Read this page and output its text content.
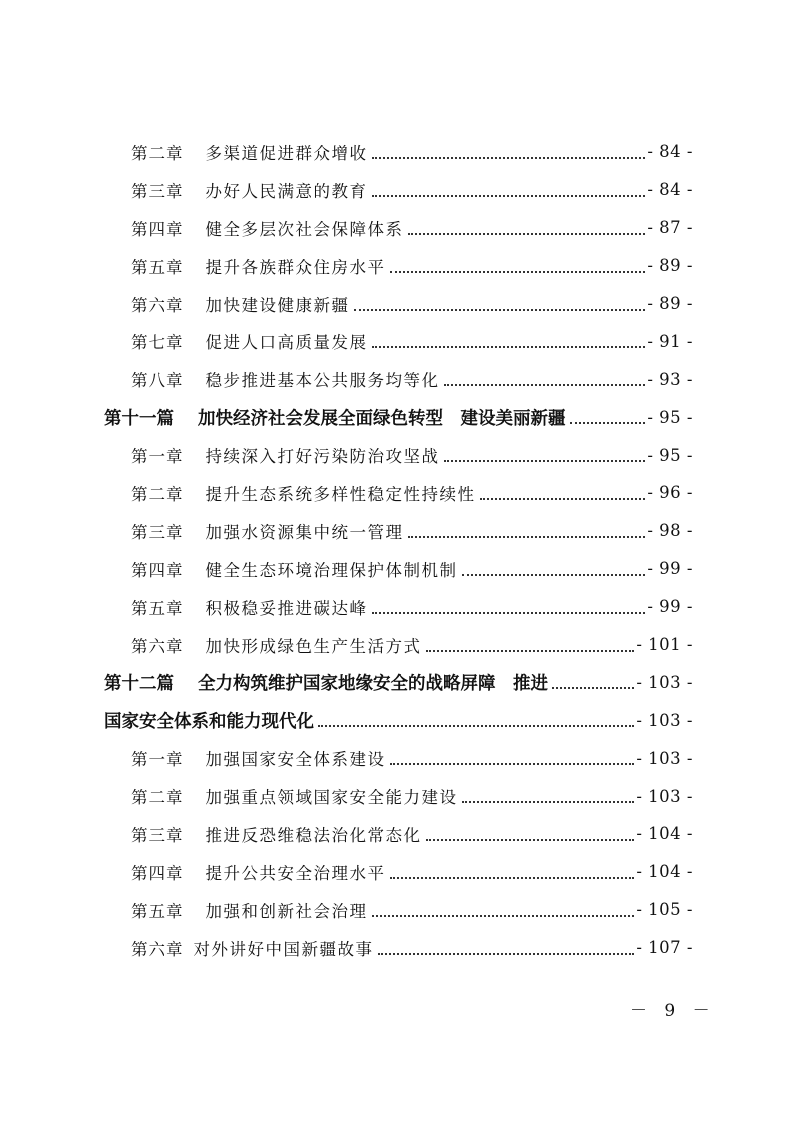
第二章 多渠道促进群众增收	- 84 -
第三章 办好人民满意的教育	- 84 -
第四章 健全多层次社会保障体系	- 87 -
第五章 提升各族群众住房水平	- 89 -
第六章 加快建设健康新疆	- 89 -
第七章 促进人口高质量发展	- 91 -
第八章 稳步推进基本公共服务均等化	- 93 -
第十一篇 加快经济社会发展全面绿色转型　建设美丽新疆	- 95 -
第一章 持续深入打好污染防治攻坚战	- 95 -
第二章 提升生态系统多样性稳定性持续性	- 96 -
第三章 加强水资源集中统一管理	- 98 -
第四章 健全生态环境治理保护体制机制	- 99 -
第五章 积极稳妥推进碳达峰	- 99 -
第六章 加快形成绿色生产生活方式	- 101 -
第十二篇 全力构筑维护国家地缘安全的战略屏障　推进	- 103 -
国家安全体系和能力现代化	- 103 -
第一章 加强国家安全体系建设	- 103 -
第二章 加强重点领域国家安全能力建设	- 103 -
第三章 推进反恐维稳法治化常态化	- 104 -
第四章 提升公共安全治理水平	- 104 -
第五章 加强和创新社会治理	- 105 -
第六章 对外讲好中国新疆故事	- 107 -
－ 9 －
